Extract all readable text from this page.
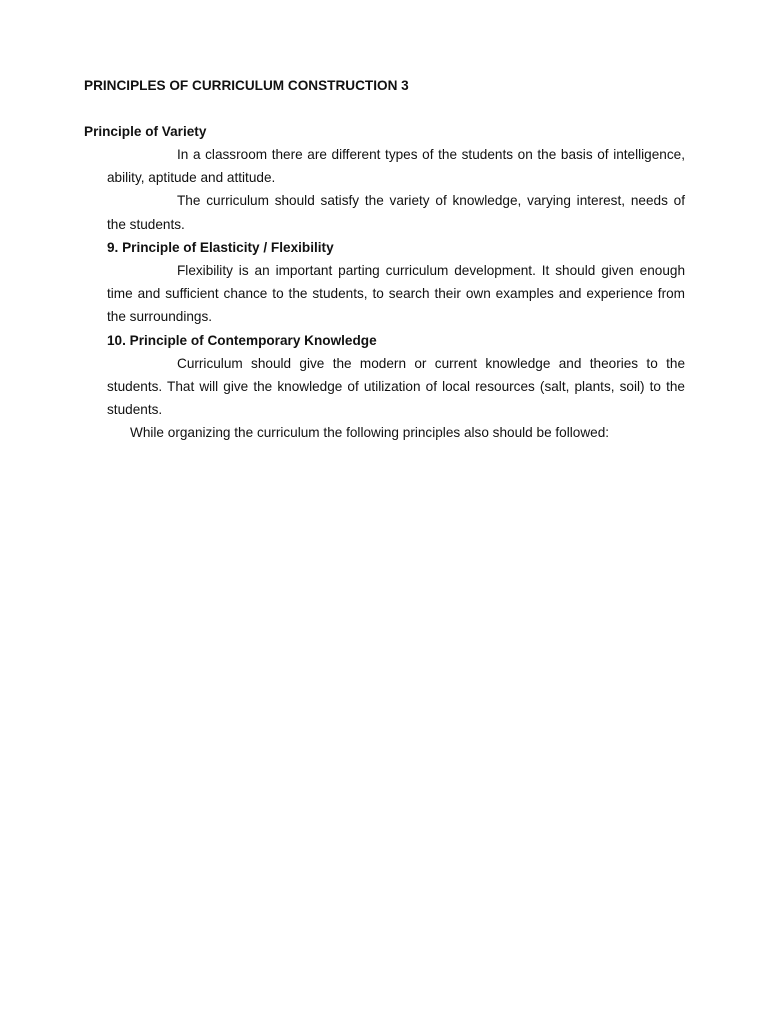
PRINCIPLES OF CURRICULUM CONSTRUCTION 3
Principle of Variety

In a classroom there are different types of the students on the basis of intelligence, ability, aptitude and attitude.

The curriculum should satisfy the variety of knowledge, varying interest, needs of the students.

9. Principle of Elasticity / Flexibility

Flexibility is an important parting curriculum development. It should given enough time and sufficient chance to the students, to search their own examples and experience from the surroundings.

10. Principle of Contemporary Knowledge

Curriculum should give the modern or current knowledge and theories to the students. That will give the knowledge of utilization of local resources (salt, plants, soil) to the students.

While organizing the curriculum the following principles also should be followed:
